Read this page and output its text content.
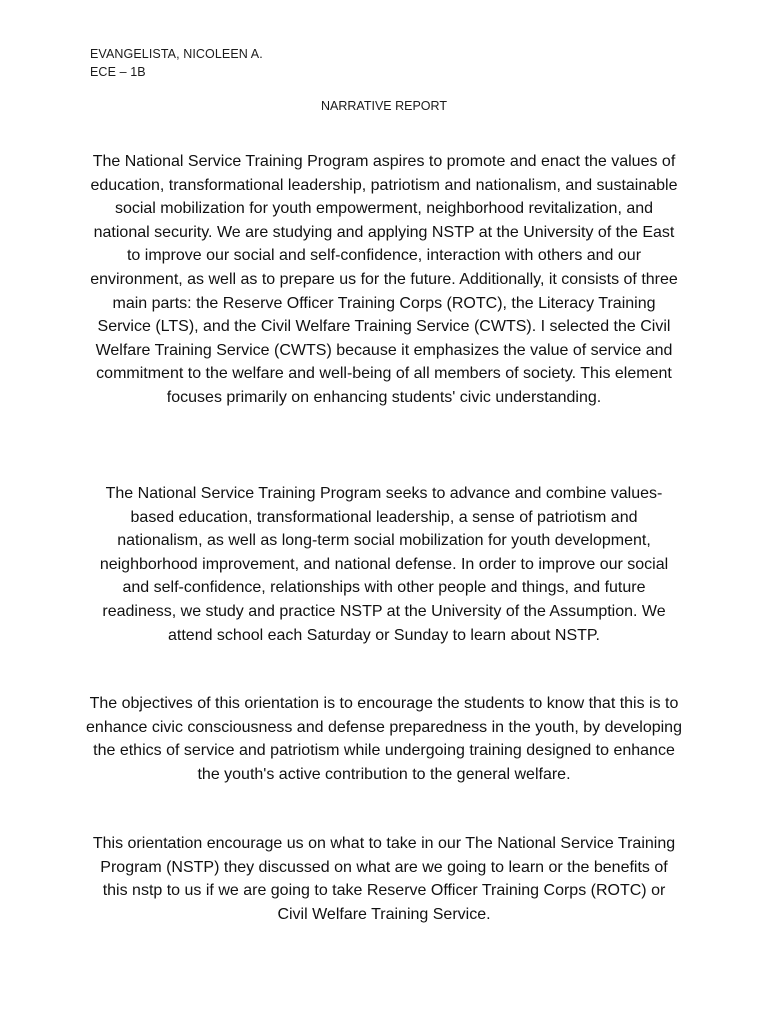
EVANGELISTA, NICOLEEN A.
ECE – 1B
NARRATIVE REPORT

The National Service Training Program aspires to promote and enact the values of education, transformational leadership, patriotism and nationalism, and sustainable social mobilization for youth empowerment, neighborhood revitalization, and national security. We are studying and applying NSTP at the University of the East to improve our social and self-confidence, interaction with others and our environment, as well as to prepare us for the future. Additionally, it consists of three main parts: the Reserve Officer Training Corps (ROTC), the Literacy Training Service (LTS), and the Civil Welfare Training Service (CWTS). I selected the Civil Welfare Training Service (CWTS) because it emphasizes the value of service and commitment to the welfare and well-being of all members of society. This element focuses primarily on enhancing students' civic understanding.

The National Service Training Program seeks to advance and combine values-based education, transformational leadership, a sense of patriotism and nationalism, as well as long-term social mobilization for youth development, neighborhood improvement, and national defense. In order to improve our social and self-confidence, relationships with other people and things, and future readiness, we study and practice NSTP at the University of the Assumption. We attend school each Saturday or Sunday to learn about NSTP.

The objectives of this orientation is to encourage the students to know that this is to enhance civic consciousness and defense preparedness in the youth, by developing the ethics of service and patriotism while undergoing training designed to enhance the youth's active contribution to the general welfare.

This orientation encourage us on what to take in our The National Service Training Program (NSTP) they discussed on what are we going to learn or the benefits of this nstp to us if we are going to take Reserve Officer Training Corps (ROTC) or Civil Welfare Training Service.
